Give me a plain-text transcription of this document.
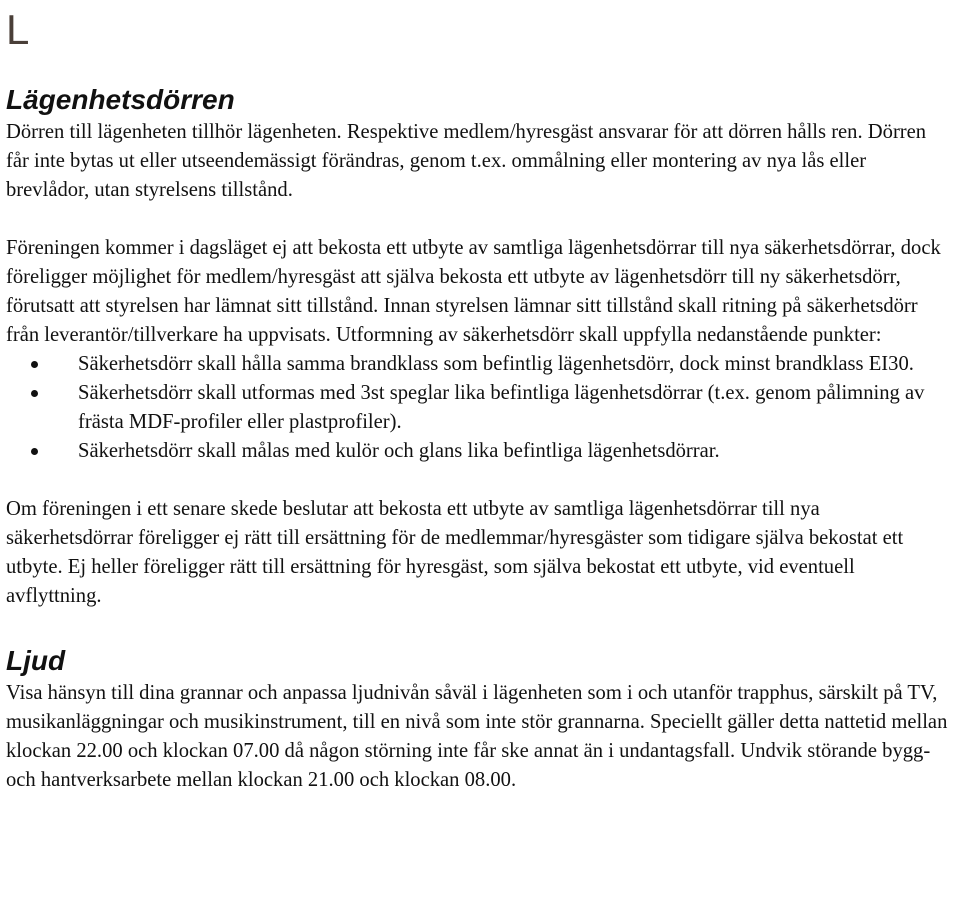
L
Lägenhetsdörren

Dörren till lägenheten tillhör lägenheten. Respektive medlem/hyresgäst ansvarar för att dörren hålls ren. Dörren får inte bytas ut eller utseendemässigt förändras, genom t.ex. ommålning eller montering av nya lås eller brevlådor, utan styrelsens tillstånd.

Föreningen kommer i dagsläget ej att bekosta ett utbyte av samtliga lägenhetsdörrar till nya säkerhetsdörrar, dock föreligger möjlighet för medlem/hyresgäst att själva bekosta ett utbyte av lägenhetsdörr till ny säkerhetsdörr, förutsatt att styrelsen har lämnat sitt tillstånd. Innan styrelsen lämnar sitt tillstånd skall ritning på säkerhetsdörr från leverantör/tillverkare ha uppvisats. Utformning av säkerhetsdörr skall uppfylla nedanstående punkter:

Säkerhetsdörr skall hålla samma brandklass som befintlig lägenhetsdörr, dock minst brandklass EI30.
Säkerhetsdörr skall utformas med 3st speglar lika befintliga lägenhetsdörrar (t.ex. genom pålimning av frästa MDF-profiler eller plastprofiler).
Säkerhetsdörr skall målas med kulör och glans lika befintliga lägenhetsdörrar.

Om föreningen i ett senare skede beslutar att bekosta ett utbyte av samtliga lägenhetsdörrar till nya säkerhetsdörrar föreligger ej rätt till ersättning för de medlemmar/hyresgäster som tidigare själva bekostat ett utbyte. Ej heller föreligger rätt till ersättning för hyresgäst, som själva bekostat ett utbyte, vid eventuell avflyttning.

Ljud

Visa hänsyn till dina grannar och anpassa ljudnivån såväl i lägenheten som i och utanför trapphus, särskilt på TV, musikanläggningar och musikinstrument, till en nivå som inte stör grannarna. Speciellt gäller detta nattetid mellan klockan 22.00 och klockan 07.00 då någon störning inte får ske annat än i undantagsfall. Undvik störande bygg- och hantverksarbete mellan klockan 21.00 och klockan 08.00.
